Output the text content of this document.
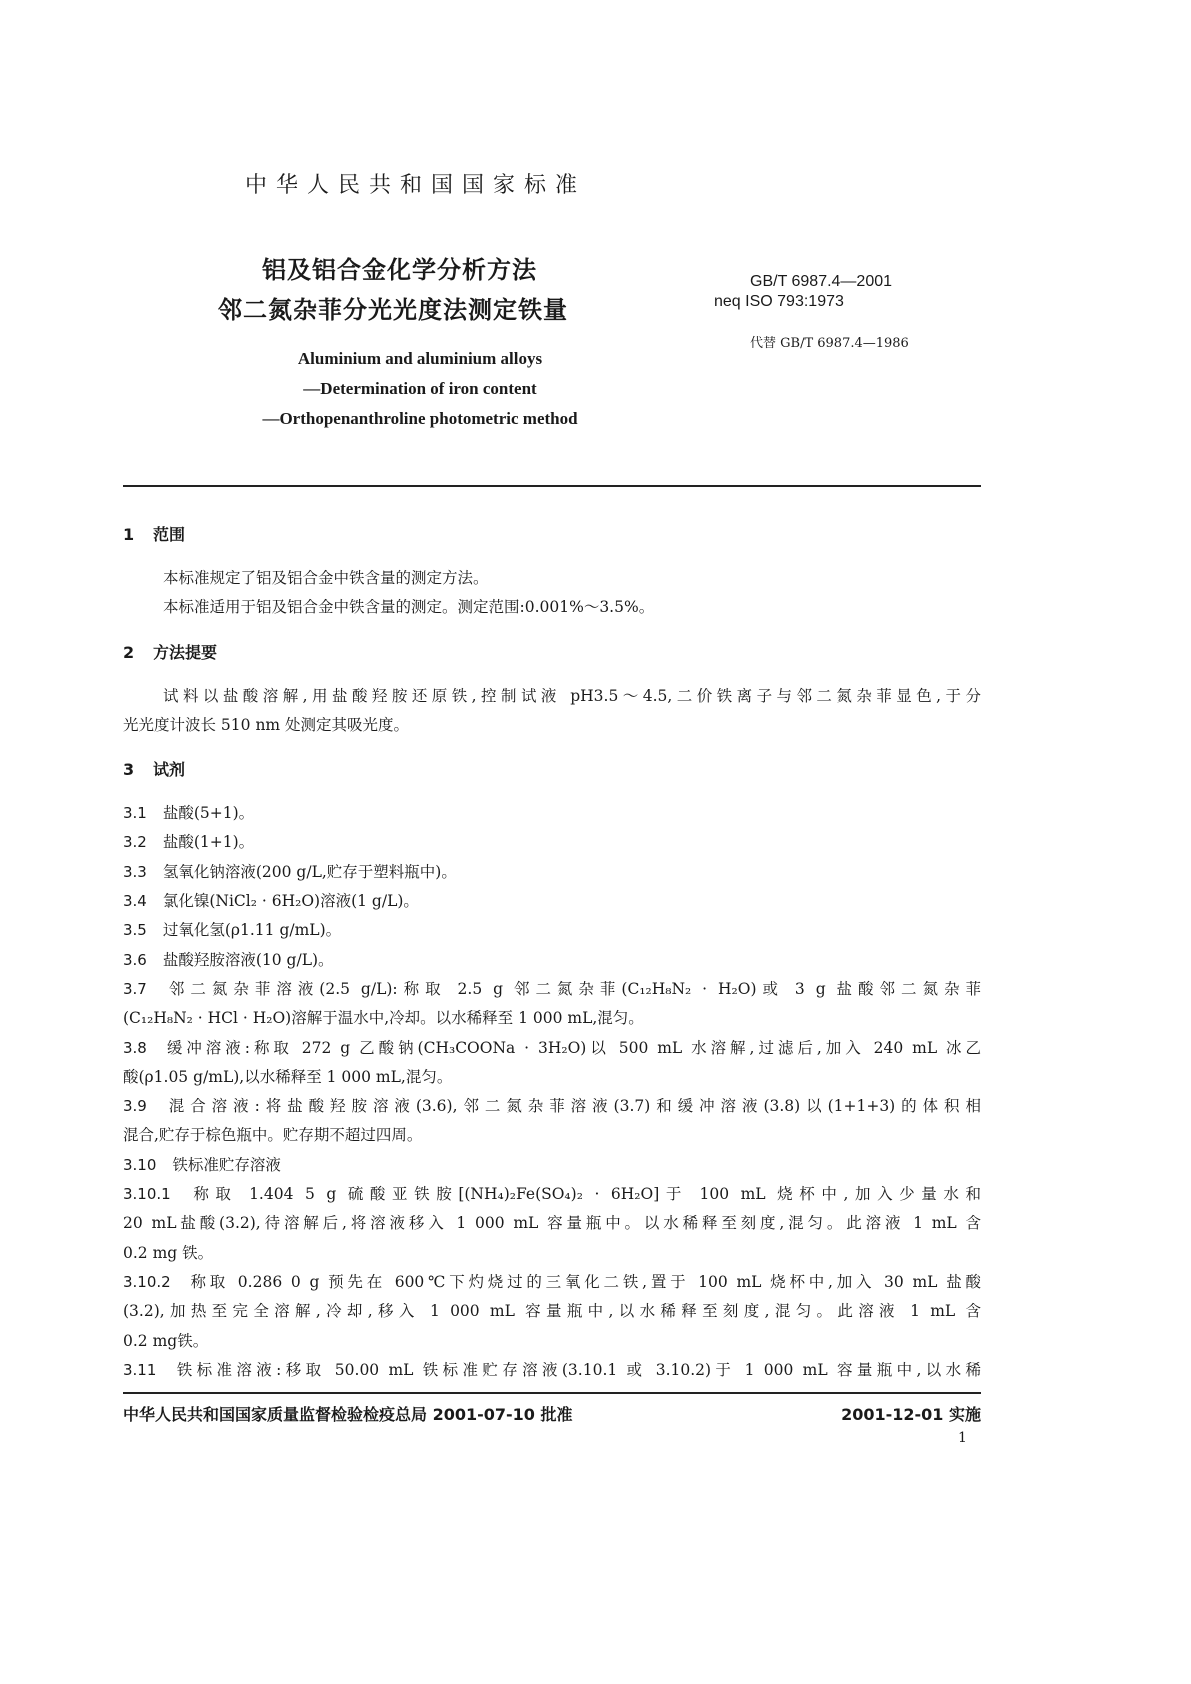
中华人民共和国国家标准
铝及铝合金化学分析方法
邻二氮杂菲分光光度法测定铁量
GB/T 6987.4—2001
neq ISO 793:1973
代替 GB/T 6987.4—1986
Aluminium and aluminium alloys
—Determination of iron content
—Orthopenanthroline photometric method
1 范围
本标准规定了铝及铝合金中铁含量的测定方法。
本标准适用于铝及铝合金中铁含量的测定。测定范围:0.001%～3.5%。
2 方法提要
试料以盐酸溶解,用盐酸羟胺还原铁,控制试液 pH3.5～4.5,二价铁离子与邻二氮杂菲显色,于分
光光度计波长 510 nm 处测定其吸光度。
3 试剂
3.1 盐酸(5+1)。
3.2 盐酸(1+1)。
3.3 氢氧化钠溶液(200 g/L,贮存于塑料瓶中)。
3.4 氯化镍(NiCl₂ · 6H₂O)溶液(1 g/L)。
3.5 过氧化氢(ρ1.11 g/mL)。
3.6 盐酸羟胺溶液(10 g/L)。
3.7 邻二氮杂菲溶液(2.5 g/L):称取 2.5 g 邻二氮杂菲(C₁₂H₈N₂ · H₂O)或 3 g 盐酸邻二氮杂菲
(C₁₂H₈N₂ · HCl · H₂O)溶解于温水中,冷却。以水稀释至 1 000 mL,混匀。
3.8 缓冲溶液:称取 272 g 乙酸钠(CH₃COONa · 3H₂O)以 500 mL 水溶解,过滤后,加入 240 mL 冰乙
酸(ρ1.05 g/mL),以水稀释至 1 000 mL,混匀。
3.9 混合溶液:将盐酸羟胺溶液(3.6),邻二氮杂菲溶液(3.7)和缓冲溶液(3.8)以(1+1+3)的体积相
混合,贮存于棕色瓶中。贮存期不超过四周。
3.10 铁标准贮存溶液
3.10.1 称取 1.404 5 g 硫酸亚铁胺[(NH₄)₂Fe(SO₄)₂ · 6H₂O]于 100 mL 烧杯中,加入少量水和
20 mL盐酸(3.2),待溶解后,将溶液移入 1 000 mL 容量瓶中。以水稀释至刻度,混匀。此溶液 1 mL 含
0.2 mg 铁。
3.10.2 称取 0.286 0 g 预先在 600℃下灼烧过的三氧化二铁,置于 100 mL 烧杯中,加入 30 mL 盐酸
(3.2),加热至完全溶解,冷却,移入 1 000 mL 容量瓶中,以水稀释至刻度,混匀。此溶液 1 mL 含
0.2 mg铁。
3.11 铁标准溶液:移取 50.00 mL 铁标准贮存溶液(3.10.1 或 3.10.2)于 1 000 mL 容量瓶中,以水稀
中华人民共和国国家质量监督检验检疫总局 2001-07-10 批准	2001-12-01 实施
1
